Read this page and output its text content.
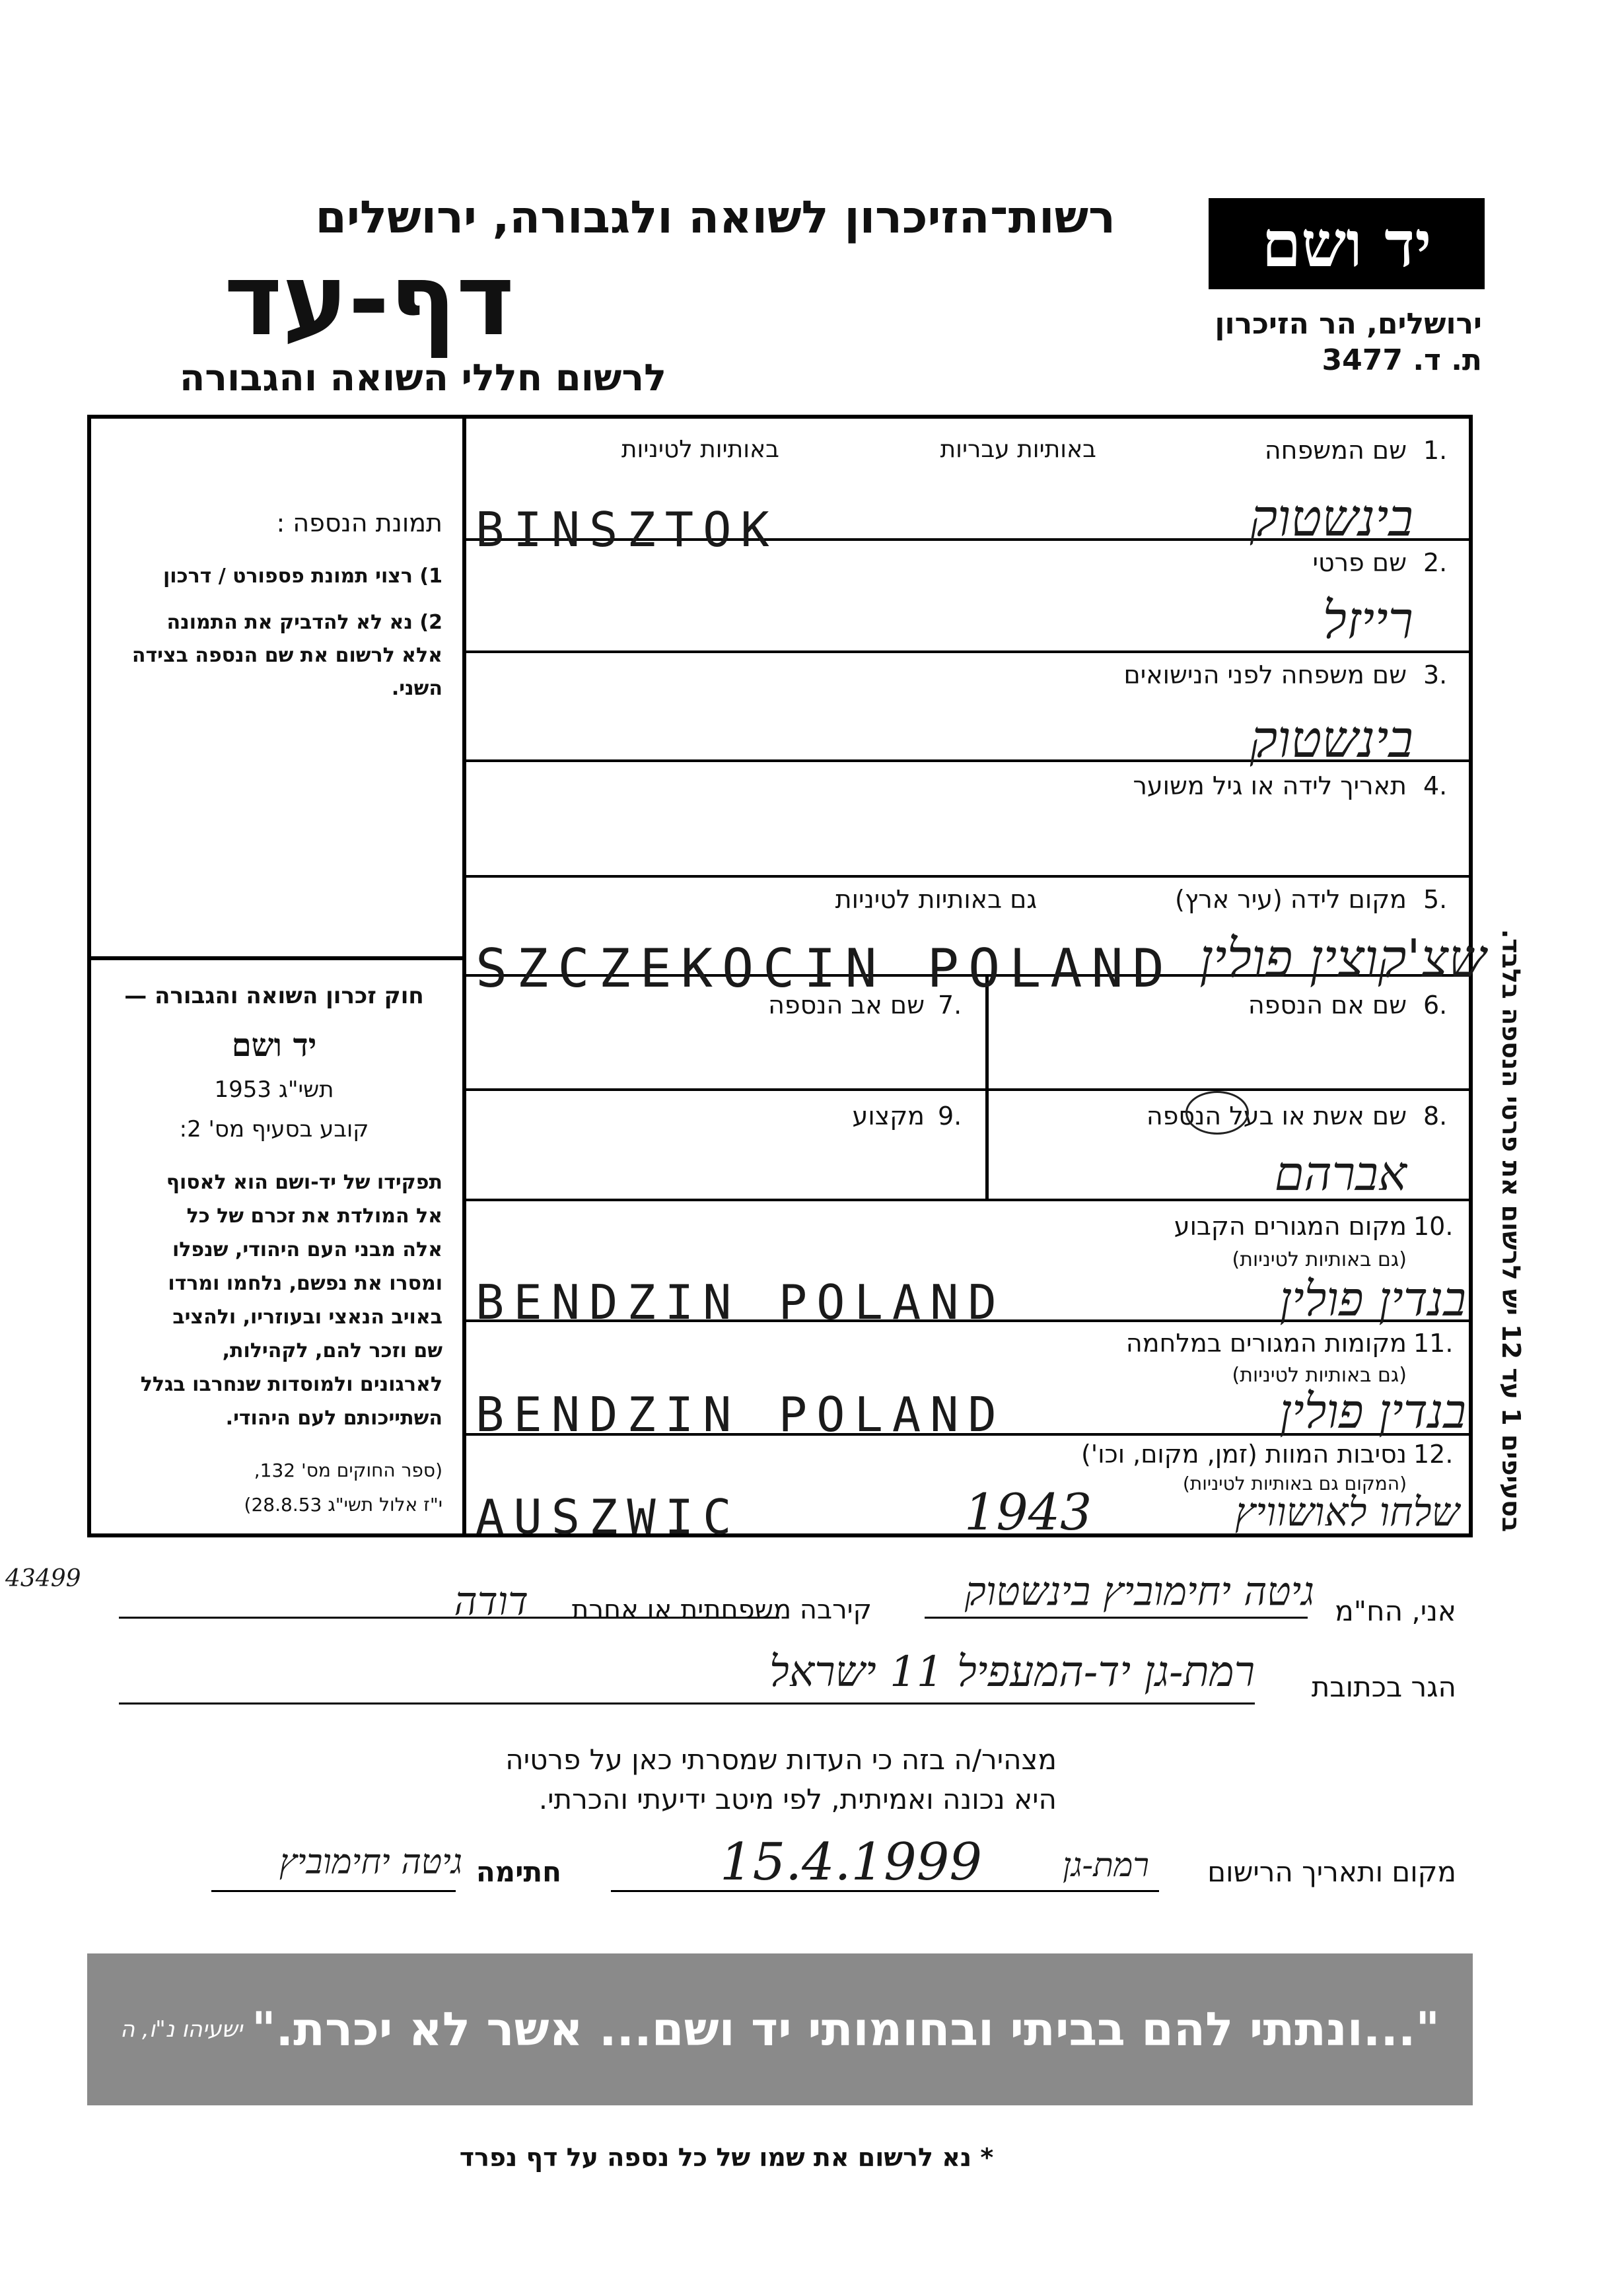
רשות־הזיכרון לשואה ולגבורה, ירושלים
דף-עד
לרשום חללי השואה והגבורה
יד ושם
ירושלים, הר הזיכרון
ת. ד. 3477
תמונת הנספה :
1) רצוי תמונת פספורט / דרכון
2) נא לא להדביק את התמונה
אלא לרשום את שם הנספה בצידה
השני.
חוק זכרון השואה והגבורה —
יד ושם
תשי"ג 1953
קובע בסעיף מס' 2:
תפקידו של יד-ושם הוא לאסוף
אל המולדת את זכרם של כל
אלה מבני העם היהודי, שנפלו
ומסרו את נפשם, נלחמו ומרדו
באויב הנאצי ובעוזריו, ולהציב
שם וזכר להם, לקהילות,
לארגונים ולמוסדות שנחרבו בגלל
השתייכותם לעם היהודי.
(ספר החוקים מס' 132,
י"ז אלול תשי"ג 28.8.53)
באותיות לטיניות	באותיות עבריות	1.
שם המשפחה
BINSZTOK	בינשטוק
2.
שם פרטי
רייזל
3.
שם משפחה לפני הנישואים
בינשטוק
4.
תאריך לידה או גיל משוער
5.
מקום לידה (עיר ארץ)
גם באותיות לטיניות
SZCZEKOCIN POLAND שצ'קוצין פולין
6.
שם אם הנספה
7.
שם אב הנספה
8.
שם אשת או בעל הנספה
אברהם
9.
מקצוע
10.
מקום המגורים הקבוע
(גם באותיות לטיניות)
BENDZIN POLAND	בנדין פולין
11.
מקומות המגורים במלחמה
(גם באותיות לטיניות)
BENDZIN POLAND	בנדין פולין
12.
נסיבות המוות (זמן, מקום, וכו')
(המקום גם באותיות לטיניות)
AUSZWIC	1943	שלחו לאושוויץ
בסעיפים 1 עד 12 יש לרשום את פרטי הנספה בלבד.
43499
אני, הח"מ
גיטה יחימוביץ בינשטוק
קירבה משפחתית או אחרת
דודה
הגר בכתובת
רמת-גן יד-המעפיל 11 ישראל
מצהיר/ה בזה כי העדות שמסרתי כאן על פרטיה
היא נכונה ואמיתית, לפי מיטב ידיעתי והכרתי.
מקום ותאריך הרישום
15.4.1999	רמת-גן
חתימה
גיטה יחימוביץ
ישעיהו נ"ו, ה "...ונתתי להם בביתי ובחומותי יד ושם... אשר לא יכרת."
* נא לרשום את שמו של כל נספה על דף נפרד
